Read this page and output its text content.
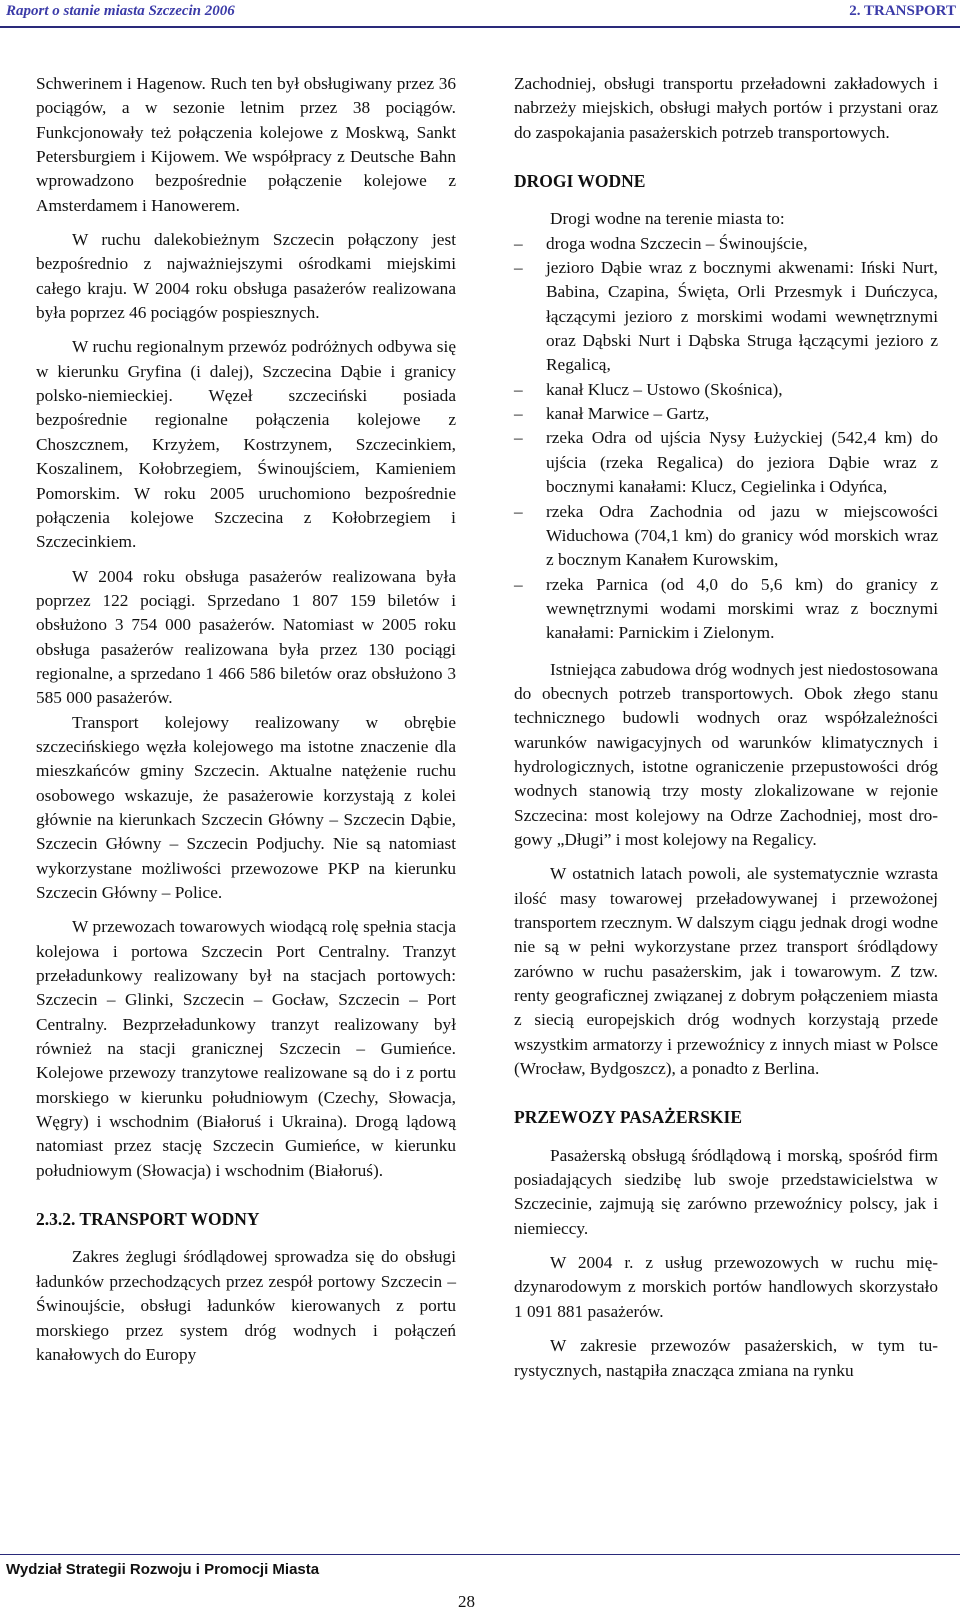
Raport o stanie miasta Szczecin 2006	2. TRANSPORT

Schwerinem i Hagenow. Ruch ten był obsługiwany przez 36 pociągów, a w sezonie letnim przez 38 pociągów. Funkcjonowały też połączenia kolejowe z Moskwą, Sankt Petersburgiem i Kijowem. We współpracy z Deutsche Bahn wprowadzono bezpośrednie połączenie kolejowe z Amsterdamem i Hanowerem.

W ruchu dalekobieżnym Szczecin połączony jest bezpośrednio z najważniejszymi ośrodkami miejskimi całego kraju. W 2004 roku obsługa pasażerów realizowana była poprzez 46 pociągów pospiesznych.

W ruchu regionalnym przewóz podróżnych odbywa się w kierunku Gryfina (i dalej), Szczecina Dąbie i granicy polsko-niemieckiej. Węzeł szczeciński posiada bezpośrednie regionalne połączenia kolejowe z Choszcznem, Krzyżem, Kostrzynem, Szczecinkiem, Koszalinem, Kołobrzegiem, Świnoujściem, Kamieniem Pomorskim. W roku 2005 uruchomiono bezpośrednie połączenia kolejowe Szczecina z Kołobrzegiem i Szczecinkiem.

W 2004 roku obsługa pasażerów realizowana była poprzez 122 pociągi. Sprzedano 1 807 159 biletów i obsłużono 3 754 000 pasażerów. Natomiast w 2005 roku obsługa pasażerów realizowana była przez 130 pociągi regionalne, a sprzedano 1 466 586 biletów oraz obsłużono 3 585 000 pasażerów.

Transport kolejowy realizowany w obrębie szczecińskiego węzła kolejowego ma istotne znaczenie dla mieszkańców gminy Szczecin. Aktualne natężenie ruchu osobowego wskazuje, że pasażerowie korzystają z kolei głównie na kierunkach Szczecin Główny – Szczecin Dąbie, Szczecin Główny – Szczecin Podjuchy. Nie są natomiast wykorzystane możliwości przewozowe PKP na kierunku Szczecin Główny – Police.

W przewozach towarowych wiodącą rolę spełnia stacja kolejowa i portowa Szczecin Port Centralny. Tranzyt przeładunkowy realizowany był na stacjach portowych: Szczecin – Glinki, Szczecin – Gocław, Szczecin – Port Centralny. Bezprzeładunkowy tranzyt realizowany był również na stacji granicznej Szczecin – Gumieńce. Kolejowe przewozy tranzytowe realizowane są do i z portu morskiego w kierunku południowym (Czechy, Słowacja, Węgry) i wschodnim (Białoruś i Ukraina). Drogą lądową natomiast przez stację Szczecin Gumieńce, w kierunku południowym (Słowacja) i wschodnim (Białoruś).

2.3.2. TRANSPORT WODNY

Zakres żeglugi śródlądowej sprowadza się do obsługi ładunków przechodzących przez zespół portowy Szczecin – Świnoujście, obsługi ładunków kierowanych z portu morskiego przez system dróg wodnych i połączeń kanałowych do Europy

Zachodniej, obsługi transportu przeładowni zakładowych i nabrzeży miejskich, obsługi małych portów i przystani oraz do zaspokajania pasażerskich potrzeb transportowych.

DROGI WODNE

Drogi wodne na terenie miasta to:

–	droga wodna Szczecin – Świnoujście,
–	jezioro Dąbie wraz z bocznymi akwenami: Iński Nurt, Babina, Czapina, Święta, Orli Przesmyk i Duńczyca, łączącymi jezioro z morskimi wodami wewnętrznymi oraz Dąbski Nurt i Dąbska Struga łączącymi jezioro z Regalicą,
–	kanał Klucz – Ustowo (Skośnica),
–	kanał Marwice – Gartz,
–	rzeka Odra od ujścia Nysy Łużyckiej (542,4 km) do ujścia (rzeka Regalica) do jeziora Dąbie wraz z bocznymi kanałami: Klucz, Cegielinka i Odyńca,
–	rzeka Odra Zachodnia od jazu w miejscowości Widuchowa (704,1 km) do granicy wód morskich wraz z bocznym Kanałem Kurowskim,
–	rzeka Parnica (od 4,0 do 5,6 km) do granicy z wewnętrznymi wodami morskimi wraz z bocznymi kanałami: Parnickim i Zielonym.

Istniejąca zabudowa dróg wodnych jest niedostosowana do obecnych potrzeb transportowych. Obok złego stanu technicznego budowli wodnych oraz współzależności warunków nawigacyjnych od warunków klimatycznych i hydrologicznych, istotne ograniczenie przepustowości dróg wodnych stanowią trzy mosty zlokalizowane w rejonie Szczecina: most kolejowy na Odrze Zachodniej, most drogowy „Długi” i most kolejowy na Regalicy.

W ostatnich latach powoli, ale systematycznie wzrasta ilość masy towarowej przeładowywanej i przewożonej transportem rzecznym. W dalszym ciągu jednak drogi wodne nie są w pełni wykorzystane przez transport śródlądowy zarówno w ruchu pasażerskim, jak i towarowym. Z tzw. renty geograficznej związanej z dobrym połączeniem miasta z siecią europejskich dróg wodnych korzystają przede wszystkim armatorzy i przewoźnicy z innych miast w Polsce (Wrocław, Bydgoszcz), a ponadto z Berlina.

PRZEWOZY PASAŻERSKIE

Pasażerską obsługą śródlądową i morską, spośród firm posiadających siedzibę lub swoje przedstawicielstwa w Szczecinie, zajmują się zarówno przewoźnicy polscy, jak i niemieccy.

W 2004 r. z usług przewozowych w ruchu międzynarodowym z morskich portów handlowych skorzystało 1 091 881 pasażerów.

W zakresie przewozów pasażerskich, w tym turystycznych, nastąpiła znacząca zmiana na rynku

Wydział Strategii Rozwoju i Promocji Miasta
28
